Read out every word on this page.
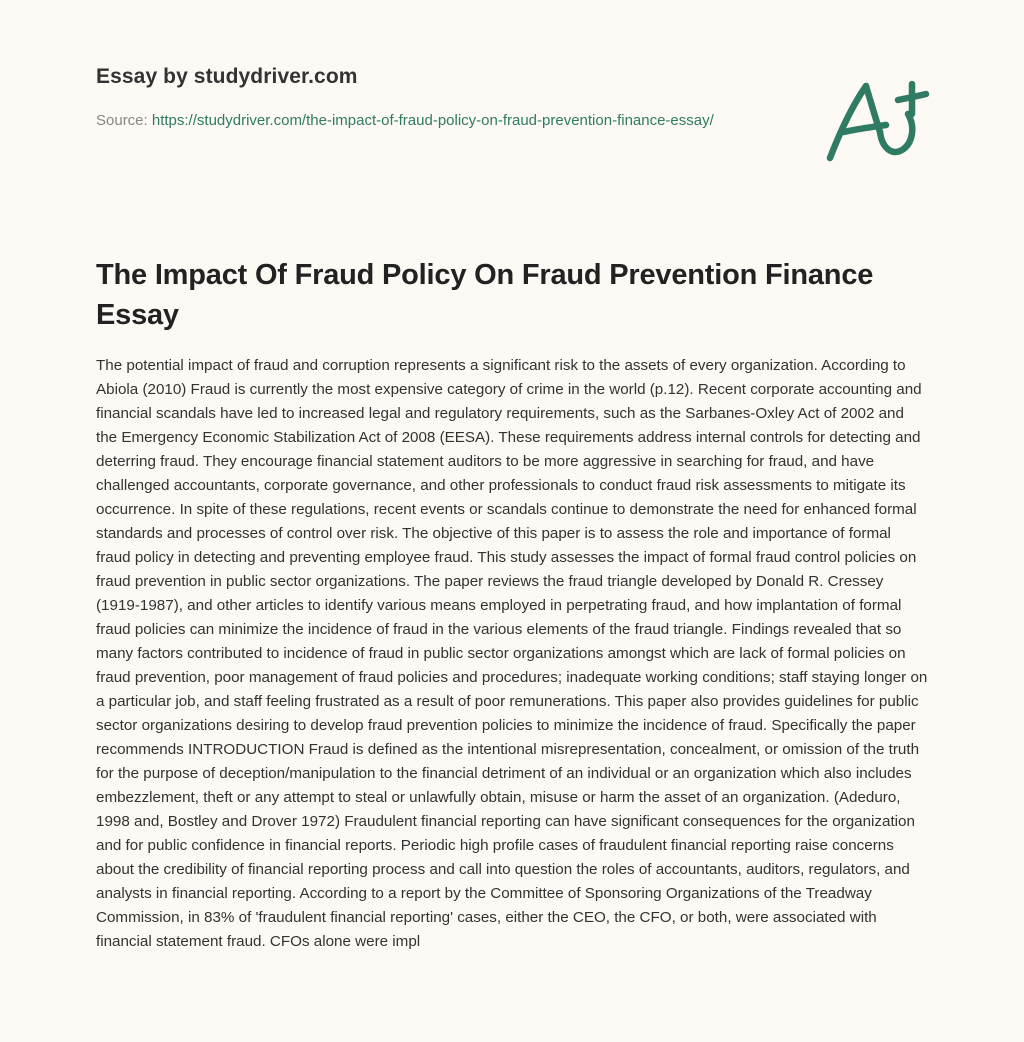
Essay by studydriver.com
Source: https://studydriver.com/the-impact-of-fraud-policy-on-fraud-prevention-finance-essay/
The Impact Of Fraud Policy On Fraud Prevention Finance Essay

The potential impact of fraud and corruption represents a significant risk to the assets of every organization. According to Abiola (2010) Fraud is currently the most expensive category of crime in the world (p.12). Recent corporate accounting and financial scandals have led to increased legal and regulatory requirements, such as the Sarbanes-Oxley Act of 2002 and the Emergency Economic Stabilization Act of 2008 (EESA). These requirements address internal controls for detecting and deterring fraud. They encourage financial statement auditors to be more aggressive in searching for fraud, and have challenged accountants, corporate governance, and other professionals to conduct fraud risk assessments to mitigate its occurrence. In spite of these regulations, recent events or scandals continue to demonstrate the need for enhanced formal standards and processes of control over risk. The objective of this paper is to assess the role and importance of formal fraud policy in detecting and preventing employee fraud. This study assesses the impact of formal fraud control policies on fraud prevention in public sector organizations. The paper reviews the fraud triangle developed by Donald R. Cressey (1919-1987), and other articles to identify various means employed in perpetrating fraud, and how implantation of formal fraud policies can minimize the incidence of fraud in the various elements of the fraud triangle. Findings revealed that so many factors contributed to incidence of fraud in public sector organizations amongst which are lack of formal policies on fraud prevention, poor management of fraud policies and procedures; inadequate working conditions; staff staying longer on a particular job, and staff feeling frustrated as a result of poor remunerations. This paper also provides guidelines for public sector organizations desiring to develop fraud prevention policies to minimize the incidence of fraud. Specifically the paper recommends INTRODUCTION Fraud is defined as the intentional misrepresentation, concealment, or omission of the truth for the purpose of deception/manipulation to the financial detriment of an individual or an organization which also includes embezzlement, theft or any attempt to steal or unlawfully obtain, misuse or harm the asset of an organization. (Adeduro, 1998 and, Bostley and Drover 1972) Fraudulent financial reporting can have significant consequences for the organization and for public confidence in financial reports. Periodic high profile cases of fraudulent financial reporting raise concerns about the credibility of financial reporting process and call into question the roles of accountants, auditors, regulators, and analysts in financial reporting. According to a report by the Committee of Sponsoring Organizations of the Treadway Commission, in 83% of 'fraudulent financial reporting' cases, either the CEO, the CFO, or both, were associated with financial statement fraud. CFOs alone were impl
